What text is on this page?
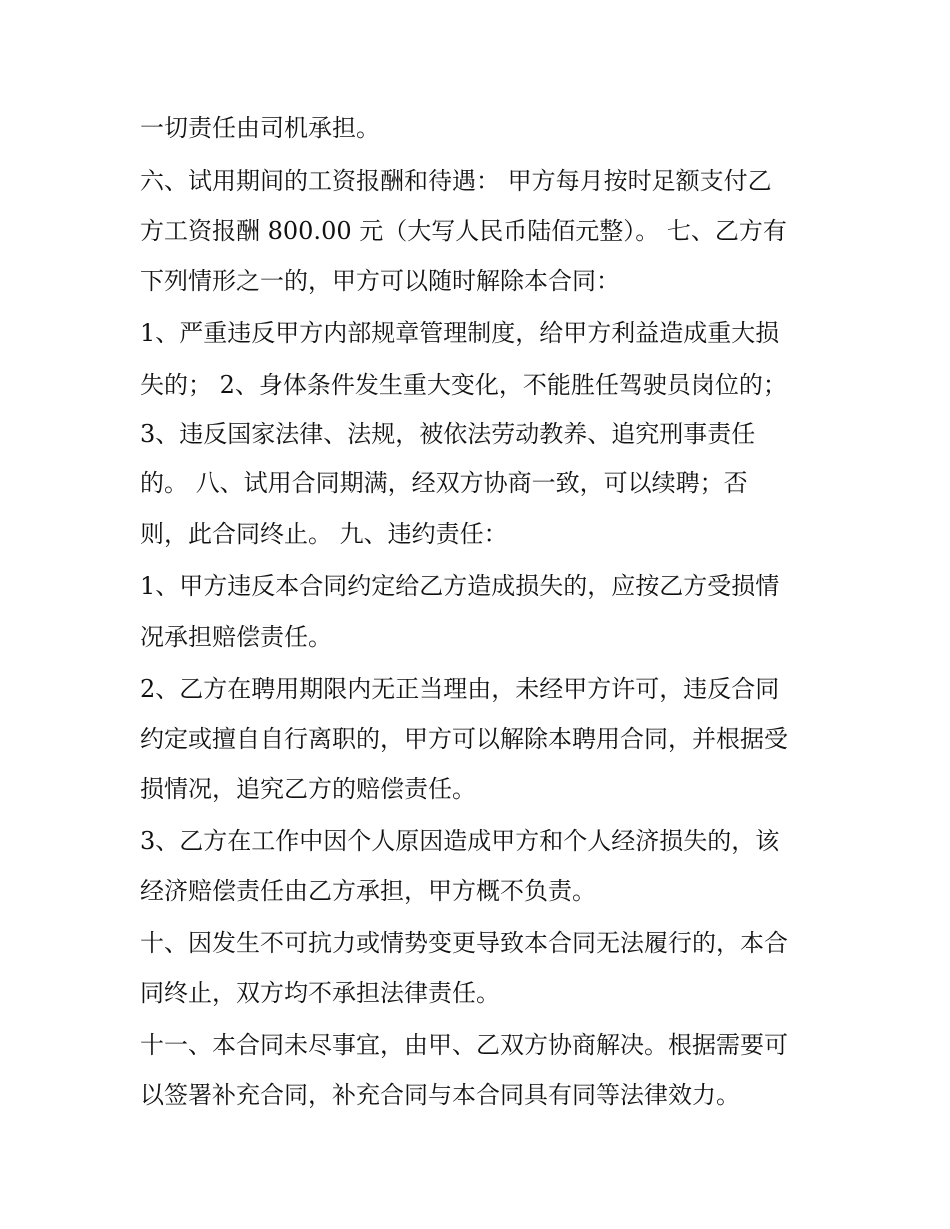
一切责任由司机承担。

六、试用期间的工资报酬和待遇： 甲方每月按时足额支付乙

方工资报酬 800.00 元（大写人民币陆佰元整）。 七、乙方有

下列情形之一的，甲方可以随时解除本合同：

1、严重违反甲方内部规章管理制度，给甲方利益造成重大损

失的； 2、身体条件发生重大变化，不能胜任驾驶员岗位的；

3、违反国家法律、法规，被依法劳动教养、追究刑事责任

的。 八、试用合同期满，经双方协商一致，可以续聘；否

则，此合同终止。 九、违约责任：

1、甲方违反本合同约定给乙方造成损失的，应按乙方受损情

况承担赔偿责任。

2、乙方在聘用期限内无正当理由，未经甲方许可，违反合同

约定或擅自自行离职的，甲方可以解除本聘用合同，并根据受

损情况，追究乙方的赔偿责任。

3、乙方在工作中因个人原因造成甲方和个人经济损失的，该

经济赔偿责任由乙方承担，甲方概不负责。

十、因发生不可抗力或情势变更导致本合同无法履行的，本合

同终止，双方均不承担法律责任。

十一、本合同未尽事宜，由甲、乙双方协商解决。根据需要可

以签署补充合同，补充合同与本合同具有同等法律效力。
